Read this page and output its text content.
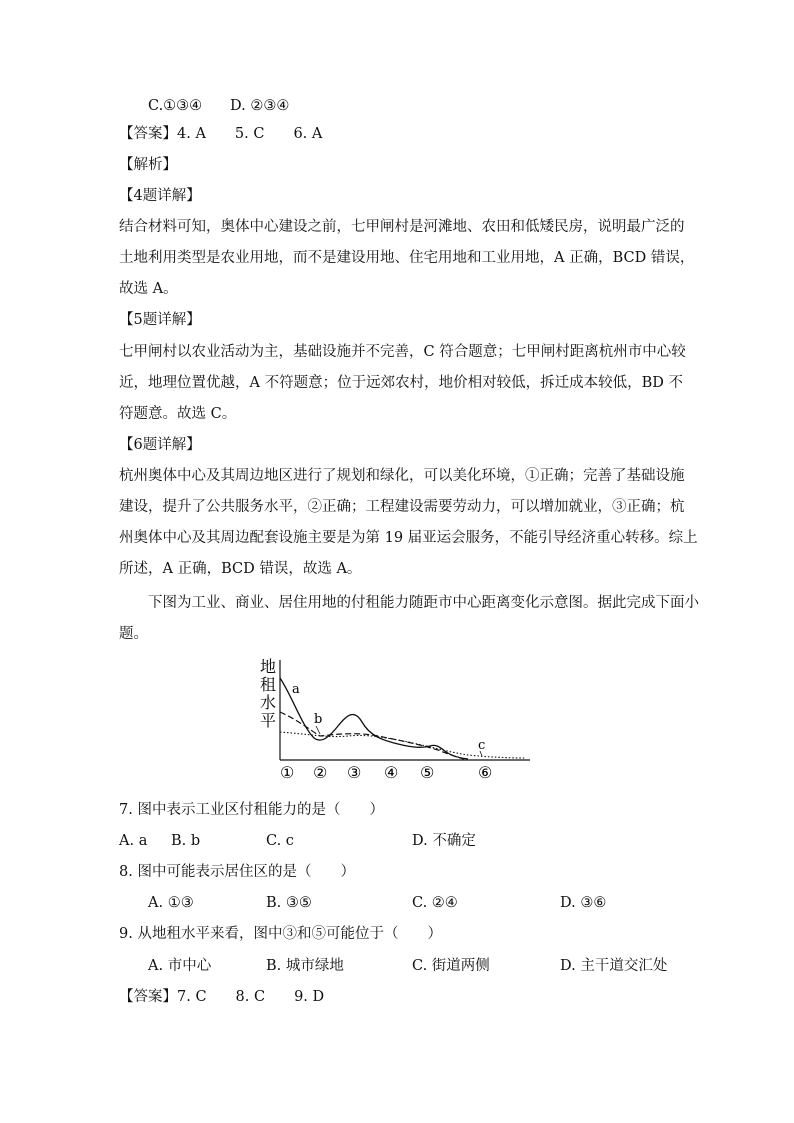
C.①③④ D. ②③④
【答案】4. A　　5. C　　6. A
【解析】
【4题详解】
结合材料可知，奥体中心建设之前，七甲闸村是河滩地、农田和低矮民房，说明最广泛的
土地利用类型是农业用地，而不是建设用地、住宅用地和工业用地，A 正确，BCD 错误，
故选 A。
【5题详解】
七甲闸村以农业活动为主，基础设施并不完善，C 符合题意；七甲闸村距离杭州市中心较
近，地理位置优越，A 不符题意；位于远郊农村，地价相对较低，拆迁成本较低，BD 不
符题意。故选 C。
【6题详解】
杭州奥体中心及其周边地区进行了规划和绿化，可以美化环境，①正确；完善了基础设施
建设，提升了公共服务水平，②正确；工程建设需要劳动力，可以增加就业，③正确；杭
州奥体中心及其周边配套设施主要是为第 19 届亚运会服务，不能引导经济重心转移。综上
所述，A 正确，BCD 错误，故选 A。
下图为工业、商业、居住用地的付租能力随距市中心距离变化示意图。据此完成下面小
题。
地
租
水
平
a
b
c
① ② ③ ④ ⑤	⑥
7. 图中表示工业区付租能力的是（　　）
A. a B. b	C. c	D. 不确定
8. 图中可能表示居住区的是（　　）
A. ①③	B. ③⑤	C. ②④	D. ③⑥
9. 从地租水平来看，图中③和⑤可能位于（　　）
A. 市中心	B. 城市绿地	C. 街道两侧	D. 主干道交汇处
【答案】7. C　　8. C　　9. D
